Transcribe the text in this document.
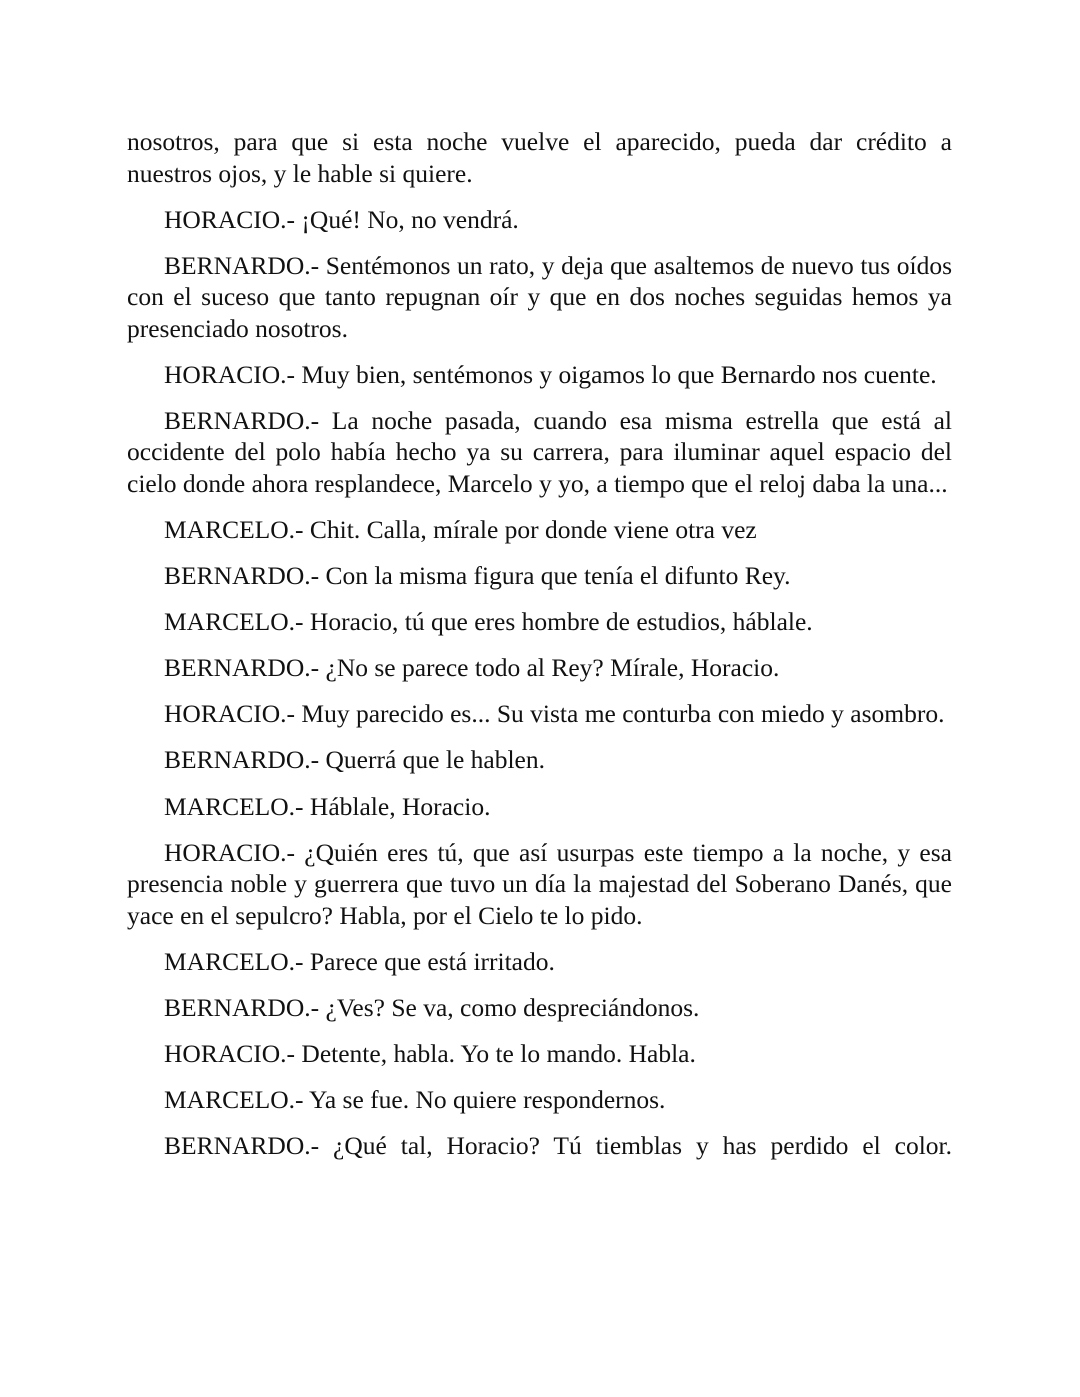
nosotros, para que si esta noche vuelve el aparecido, pueda dar crédito a nuestros ojos, y le hable si quiere.

HORACIO.- ¡Qué! No, no vendrá.

BERNARDO.- Sentémonos un rato, y deja que asaltemos de nuevo tus oídos con el suceso que tanto repugnan oír y que en dos noches seguidas hemos ya presenciado nosotros.

HORACIO.- Muy bien, sentémonos y oigamos lo que Bernardo nos cuente.

BERNARDO.- La noche pasada, cuando esa misma estrella que está al occidente del polo había hecho ya su carrera, para iluminar aquel espacio del cielo donde ahora resplandece, Marcelo y yo, a tiempo que el reloj daba la una...

MARCELO.- Chit. Calla, mírale por donde viene otra vez

BERNARDO.- Con la misma figura que tenía el difunto Rey.

MARCELO.- Horacio, tú que eres hombre de estudios, háblale.

BERNARDO.- ¿No se parece todo al Rey? Mírale, Horacio.

HORACIO.- Muy parecido es... Su vista me conturba con miedo y asombro.

BERNARDO.- Querrá que le hablen.

MARCELO.- Háblale, Horacio.

HORACIO.- ¿Quién eres tú, que así usurpas este tiempo a la noche, y esa presencia noble y guerrera que tuvo un día la majestad del Soberano Danés, que yace en el sepulcro? Habla, por el Cielo te lo pido.

MARCELO.- Parece que está irritado.

BERNARDO.- ¿Ves? Se va, como despreciándonos.

HORACIO.- Detente, habla. Yo te lo mando. Habla.

MARCELO.- Ya se fue. No quiere respondernos.

BERNARDO.- ¿Qué tal, Horacio? Tú tiemblas y has perdido el color.
